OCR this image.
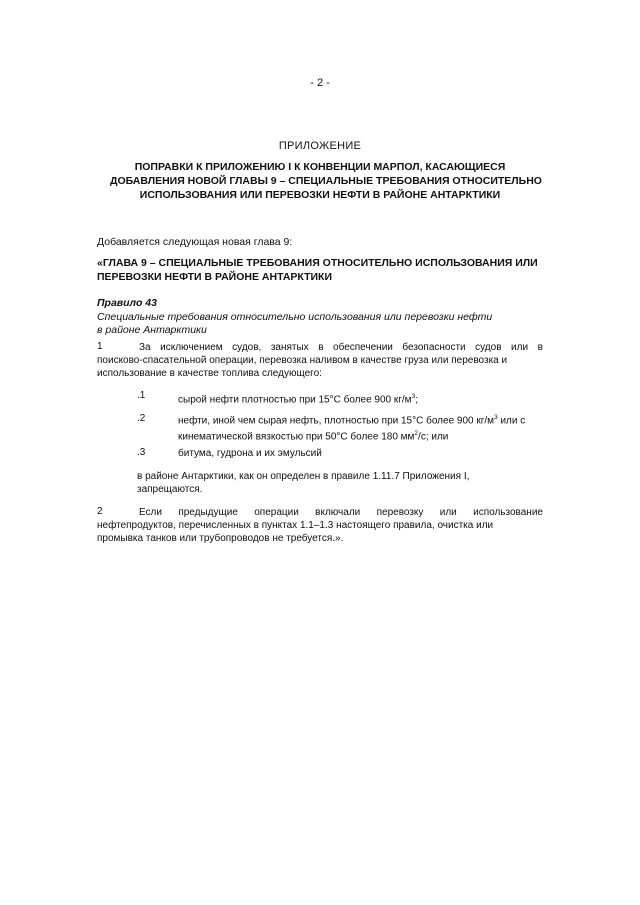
- 2 -
ПРИЛОЖЕНИЕ
ПОПРАВКИ К ПРИЛОЖЕНИЮ I К КОНВЕНЦИИ МАРПОЛ, КАСАЮЩИЕСЯ
ДОБАВЛЕНИЯ НОВОЙ ГЛАВЫ 9 – СПЕЦИАЛЬНЫЕ ТРЕБОВАНИЯ ОТНОСИТЕЛЬНО
ИСПОЛЬЗОВАНИЯ ИЛИ ПЕРЕВОЗКИ НЕФТИ В РАЙОНЕ АНТАРКТИКИ
Добавляется следующая новая глава 9:
«ГЛАВА 9 – СПЕЦИАЛЬНЫЕ ТРЕБОВАНИЯ ОТНОСИТЕЛЬНО ИСПОЛЬЗОВАНИЯ ИЛИ
ПЕРЕВОЗКИ НЕФТИ В РАЙОНЕ АНТАРКТИКИ
Правило 43
Специальные требования относительно использования или перевозки нефти
в районе Антарктики
За исключением судов, занятых в обеспечении безопасности судов или в
поисково-спасательной операции, перевозка наливом в качестве груза или перевозка и
использование в качестве топлива следующего:
1
.1	сырой нефти плотностью при 15°С более 900 $кг/м^3$;
.2	нефти, иной чем сырая нефть, плотностью при 15°С более 900 $кг/м^3$ или с
кинематической вязкостью при 50°С более 180 $мм^2/с$; или
.3	битума, гудрона и их эмульсий
в районе Антарктики, как он определен в правиле 1.11.7 Приложения I,
запрещаются.
Если предыдущие операции включали перевозку или использование
нефтепродуктов, перечисленных в пунктах 1.1–1.3 настоящего правила, очистка или
промывка танков или трубопроводов не требуется.».
2
